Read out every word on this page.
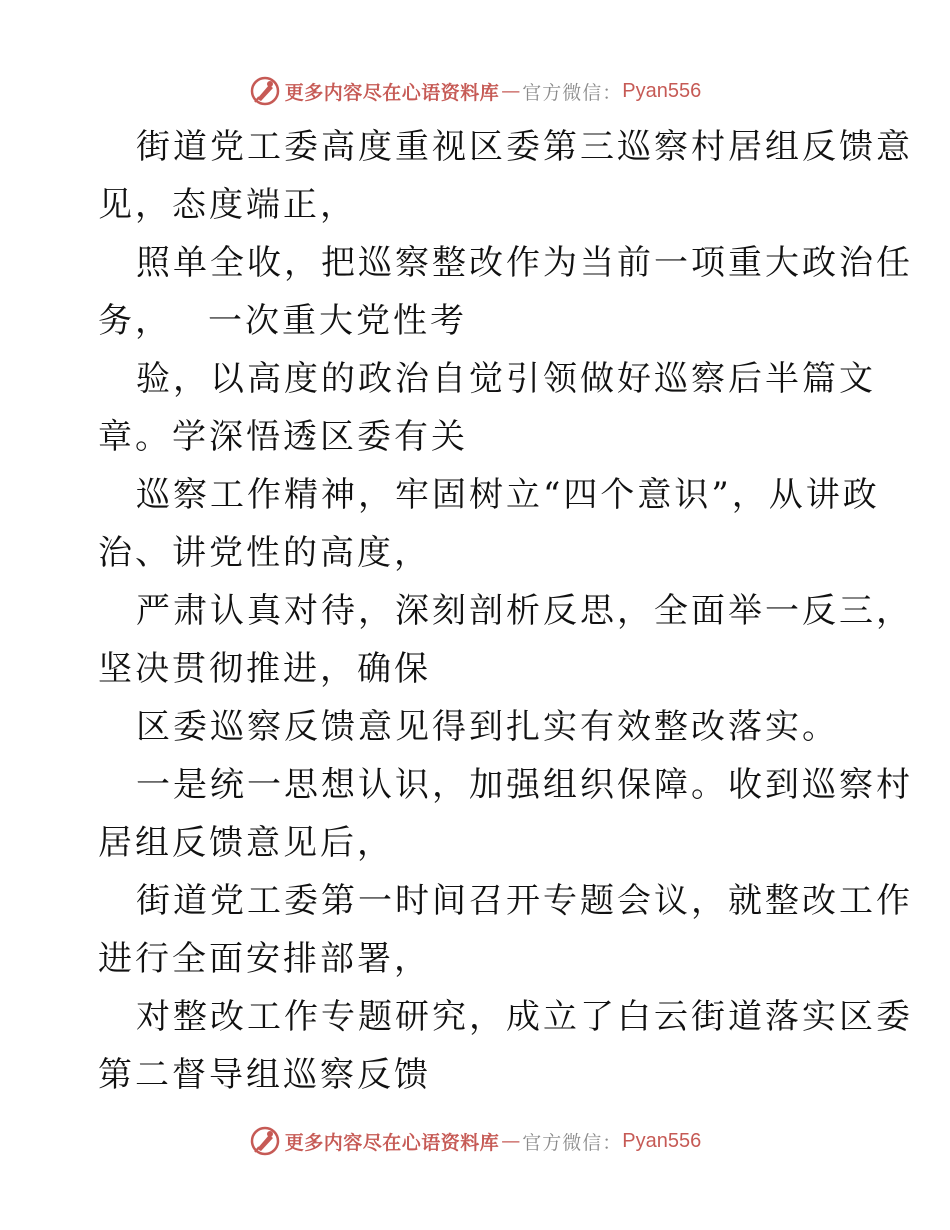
更多内容尽在心语资料库 — 官方微信： Pyan556

街道党工委高度重视区委第三巡察村居组反馈意
见，态度端正，

照单全收，把巡察整改作为当前一项重大政治任
务， 一次重大党性考

验，以高度的政治自觉引领做好巡察后半篇文
章。学深悟透区委有关

巡察工作精神，牢固树立“四个意识”，从讲政
治、讲党性的高度，

严肃认真对待，深刻剖析反思，全面举一反三，
坚决贯彻推进，确保

区委巡察反馈意见得到扎实有效整改落实。

一是统一思想认识，加强组织保障。收到巡察村
居组反馈意见后，

街道党工委第一时间召开专题会议，就整改工作
进行全面安排部署，

对整改工作专题研究，成立了白云街道落实区委
第二督导组巡察反馈

更多内容尽在心语资料库 — 官方微信： Pyan556
